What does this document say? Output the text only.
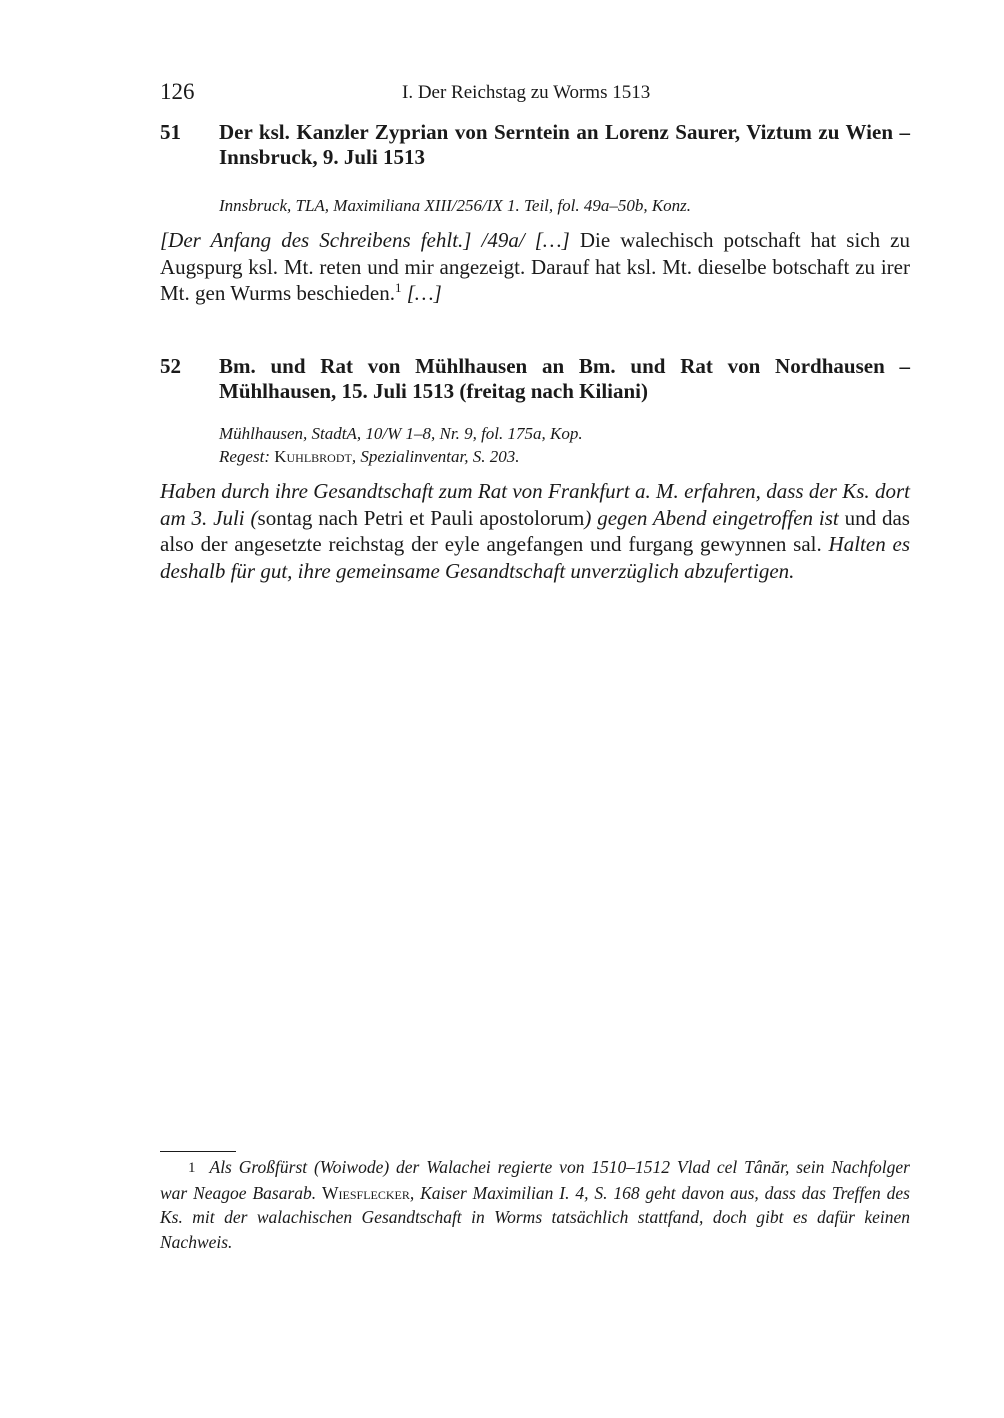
126	I. Der Reichstag zu Worms 1513
51	Der ksl. Kanzler Zyprian von Serntein an Lorenz Saurer, Viztum zu Wien – Innsbruck, 9. Juli 1513
Innsbruck, TLA, Maximiliana XIII/256/IX 1. Teil, fol. 49a–50b, Konz.

[Der Anfang des Schreibens fehlt.] /49a/ […] Die walechisch potschaft hat sich zu Augspurg ksl. Mt. reten und mir angezeigt. Darauf hat ksl. Mt. dieselbe botschaft zu irer Mt. gen Wurms beschieden.$^1$ […]

52	Bm. und Rat von Mühlhausen an Bm. und Rat von Nordhausen – Mühlhausen, 15. Juli 1513 (freitag nach Kiliani)
Mühlhausen, StadtA, 10/W 1–8, Nr. 9, fol. 175a, Kop.
Regest: Kuhlbrodt, Spezialinventar, S. 203.

Haben durch ihre Gesandtschaft zum Rat von Frankfurt a. M. erfahren, dass der Ks. dort am 3. Juli (sontag nach Petri et Pauli apostolorum) gegen Abend eingetroffen ist und das also der angesetzte reichstag der eyle angefangen und furgang gewynnen sal. Halten es deshalb für gut, ihre gemeinsame Gesandtschaft unverzüglich abzufertigen.

1 Als Großfürst (Woiwode) der Walachei regierte von 1510–1512 Vlad cel Tânăr, sein Nachfolger war Neagoe Basarab. Wiesflecker, Kaiser Maximilian I. 4, S. 168 geht davon aus, dass das Treffen des Ks. mit der walachischen Gesandtschaft in Worms tatsächlich stattfand, doch gibt es dafür keinen Nachweis.
